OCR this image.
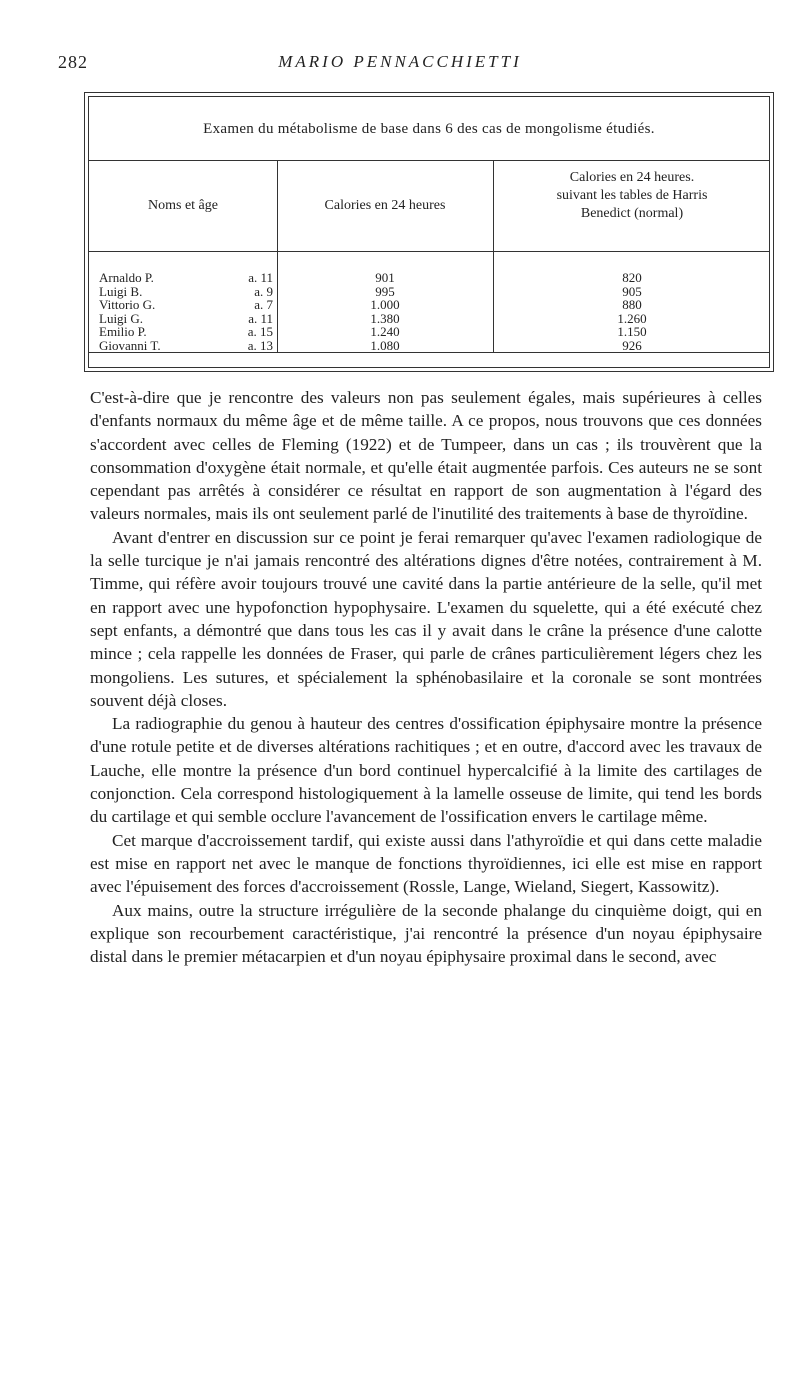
282	MARIO PENNACCHIETTI
Examen du métabolisme de base dans 6 des cas de mongolisme étudiés.
Noms et âge	Calories en 24 heures
Calories en 24 heures.
suivant les tables de Harris
Benedict (normal)
Arnaldo P.	a. 11	901	820
Luigi B.	a. 9	995	905
Vittorio G.	a. 7	1.000	880
Luigi G.	a. 11	1.380	1.260
Emilio P.	a. 15	1.240	1.150
Giovanni T.	a. 13	1.080	926

C'est-à-dire que je rencontre des valeurs non pas seulement égales, mais supérieures à celles d'enfants normaux du même âge et de même taille. A ce propos, nous trouvons que ces données s'accordent avec celles de Fleming (1922) et de Tumpeer, dans un cas ; ils trouvèrent que la consommation d'oxygène était normale, et qu'elle était augmentée parfois. Ces auteurs ne se sont cependant pas arrêtés à considérer ce résultat en rapport de son augmentation à l'égard des valeurs normales, mais ils ont seulement parlé de l'inutilité des traitements à base de thyroïdine.

Avant d'entrer en discussion sur ce point je ferai remarquer qu'avec l'examen radiologique de la selle turcique je n'ai jamais rencontré des altérations dignes d'être notées, contrairement à M. Timme, qui réfère avoir toujours trouvé une cavité dans la partie antérieure de la selle, qu'il met en rapport avec une hypofonction hypophysaire. L'examen du squelette, qui a été exécuté chez sept enfants, a démontré que dans tous les cas il y avait dans le crâne la présence d'une calotte mince ; cela rappelle les données de Fraser, qui parle de crânes particulièrement légers chez les mongoliens. Les sutures, et spécialement la sphénobasilaire et la coronale se sont montrées souvent déjà closes.

La radiographie du genou à hauteur des centres d'ossification épiphysaire montre la présence d'une rotule petite et de diverses altérations rachitiques ; et en outre, d'accord avec les travaux de Lauche, elle montre la présence d'un bord continuel hypercalcifié à la limite des cartilages de conjonction. Cela correspond histologiquement à la lamelle osseuse de limite, qui tend les bords du cartilage et qui semble occlure l'avancement de l'ossification envers le cartilage même.

Cet marque d'accroissement tardif, qui existe aussi dans l'athyroïdie et qui dans cette maladie est mise en rapport net avec le manque de fonctions thyroïdiennes, ici elle est mise en rapport avec l'épuisement des forces d'accroissement (Rossle, Lange, Wieland, Siegert, Kassowitz).

Aux mains, outre la structure irrégulière de la seconde phalange du cinquième doigt, qui en explique son recourbement caractéristique, j'ai rencontré la présence d'un noyau épiphysaire distal dans le premier métacarpien et d'un noyau épiphysaire proximal dans le second, avec
